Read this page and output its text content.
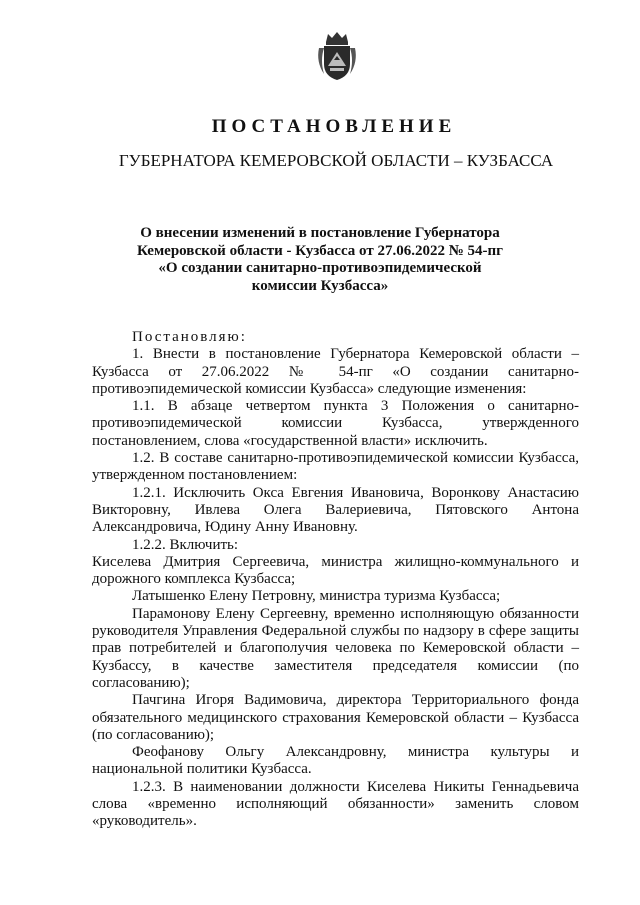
ПОСТАНОВЛЕНИЕ
ГУБЕРНАТОРА КЕМЕРОВСКОЙ ОБЛАСТИ – КУЗБАССА
О внесении изменений в постановление Губернатора
Кемеровской области - Кузбасса от 27.06.2022 № 54-пг
«О создании санитарно-противоэпидемической
комиссии Кузбасса»

Постановляю:

1. Внести в постановление Губернатора Кемеровской области – Кузбасса от 27.06.2022 № 54-пг «О создании санитарно-противоэпидемической комиссии Кузбасса» следующие изменения:

1.1. В абзаце четвертом пункта 3 Положения о санитарно-противоэпидемической комиссии Кузбасса, утвержденного постановлением, слова «государственной власти» исключить.

1.2. В составе санитарно-противоэпидемической комиссии Кузбасса, утвержденном постановлением:

1.2.1. Исключить Окса Евгения Ивановича, Воронкову Анастасию Викторовну, Ивлева Олега Валериевича, Пятовского Антона Александровича, Юдину Анну Ивановну.

1.2.2. Включить:

Киселева Дмитрия Сергеевича, министра жилищно-коммунального и дорожного комплекса Кузбасса;

Латышенко Елену Петровну, министра туризма Кузбасса;

Парамонову Елену Сергеевну, временно исполняющую обязанности руководителя Управления Федеральной службы по надзору в сфере защиты прав потребителей и благополучия человека по Кемеровской области – Кузбассу, в качестве заместителя председателя комиссии (по согласованию);

Пачгина Игоря Вадимовича, директора Территориального фонда обязательного медицинского страхования Кемеровской области – Кузбасса (по согласованию);

Феофанову Ольгу Александровну, министра культуры и национальной политики Кузбасса.

1.2.3. В наименовании должности Киселева Никиты Геннадьевича слова «временно исполняющий обязанности» заменить словом «руководитель».
